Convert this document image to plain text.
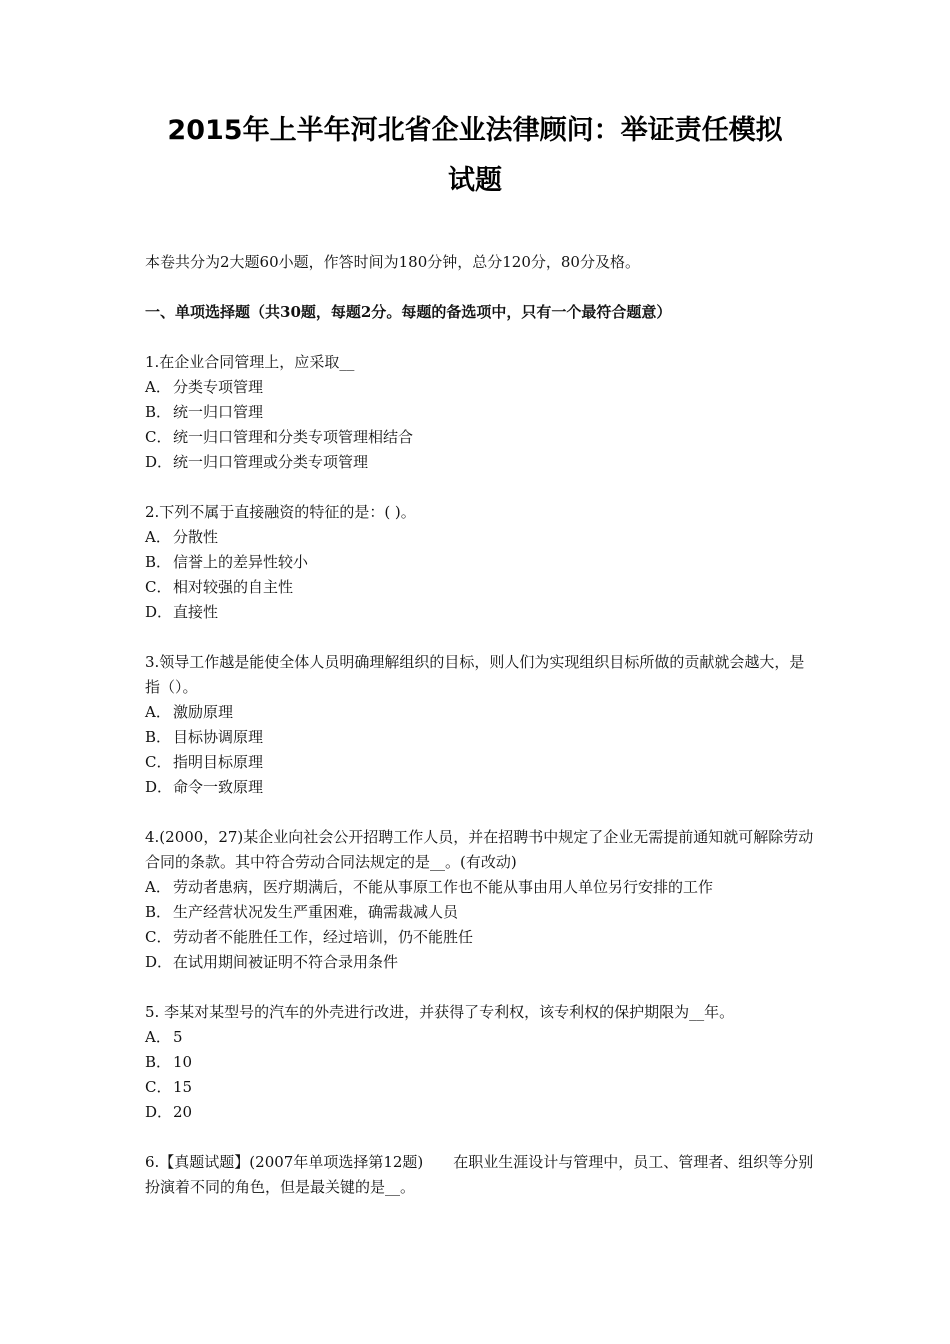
2015年上半年河北省企业法律顾问：举证责任模拟
试题

本卷共分为2大题60小题，作答时间为180分钟，总分120分，80分及格。

一、单项选择题（共30题，每题2分。每题的备选项中，只有一个最符合题意）

1.在企业合同管理上，应采取__

A． 分类专项管理

B． 统一归口管理

C． 统一归口管理和分类专项管理相结合

D．统一归口管理或分类专项管理

2.下列不属于直接融资的特征的是：( )。

A． 分散性

B． 信誉上的差异性较小

C． 相对较强的自主性

D．直接性

3.领导工作越是能使全体人员明确理解组织的目标，则人们为实现组织目标所做的贡献就会越大，是指（）。

A． 激励原理

B． 目标协调原理

C． 指明目标原理

D．命令一致原理

4.(2000，27)某企业向社会公开招聘工作人员，并在招聘书中规定了企业无需提前通知就可解除劳动合同的条款。其中符合劳动合同法规定的是__。(有改动)

A． 劳动者患病，医疗期满后，不能从事原工作也不能从事由用人单位另行安排的工作

B． 生产经营状况发生严重困难，确需裁减人员

C． 劳动者不能胜任工作，经过培训，仍不能胜任

D．在试用期间被证明不符合录用条件

5. 李某对某型号的汽车的外壳进行改进，并获得了专利权，该专利权的保护期限为__年。

A． 5

B． 10

C． 15

D．20

6.【真题试题】(2007年单项选择第12题)　　在职业生涯设计与管理中，员工、管理者、组织等分别扮演着不同的角色，但是最关键的是__。
